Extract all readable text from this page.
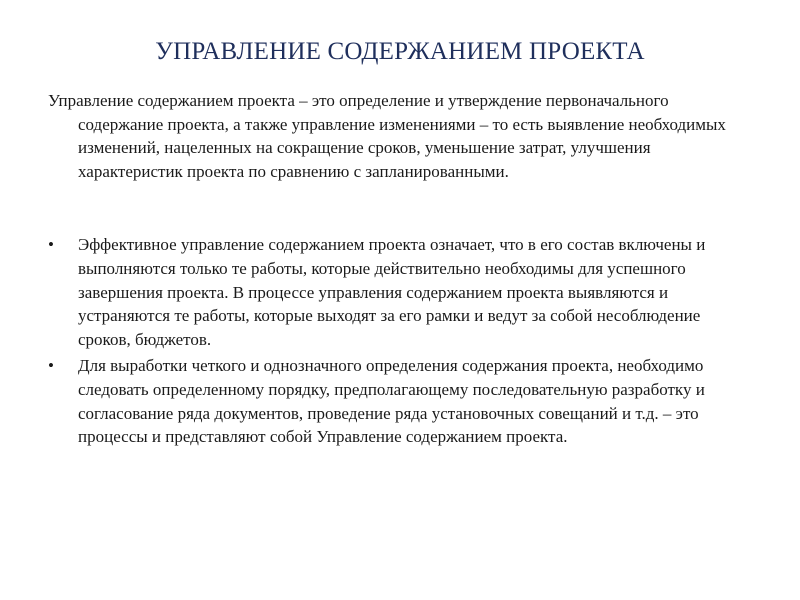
УПРАВЛЕНИЕ СОДЕРЖАНИЕМ ПРОЕКТА

Управление содержанием проекта – это определение и утверждение первоначального содержание проекта, а также управление изменениями – то есть выявление необходимых изменений, нацеленных на сокращение сроков, уменьшение затрат, улучшения характеристик проекта по сравнению с запланированными.

• Эффективное управление содержанием проекта означает, что в его состав включены и выполняются только те работы, которые действительно необходимы для успешного завершения проекта. В процессе управления содержанием проекта выявляются и устраняются те работы, которые выходят за его рамки и ведут за собой несоблюдение сроков, бюджетов.
• Для выработки четкого и однозначного определения содержания проекта, необходимо следовать определенному порядку, предполагающему последовательную разработку и согласование ряда документов, проведение ряда установочных совещаний и т.д. – это процессы и представляют собой Управление содержанием проекта.
